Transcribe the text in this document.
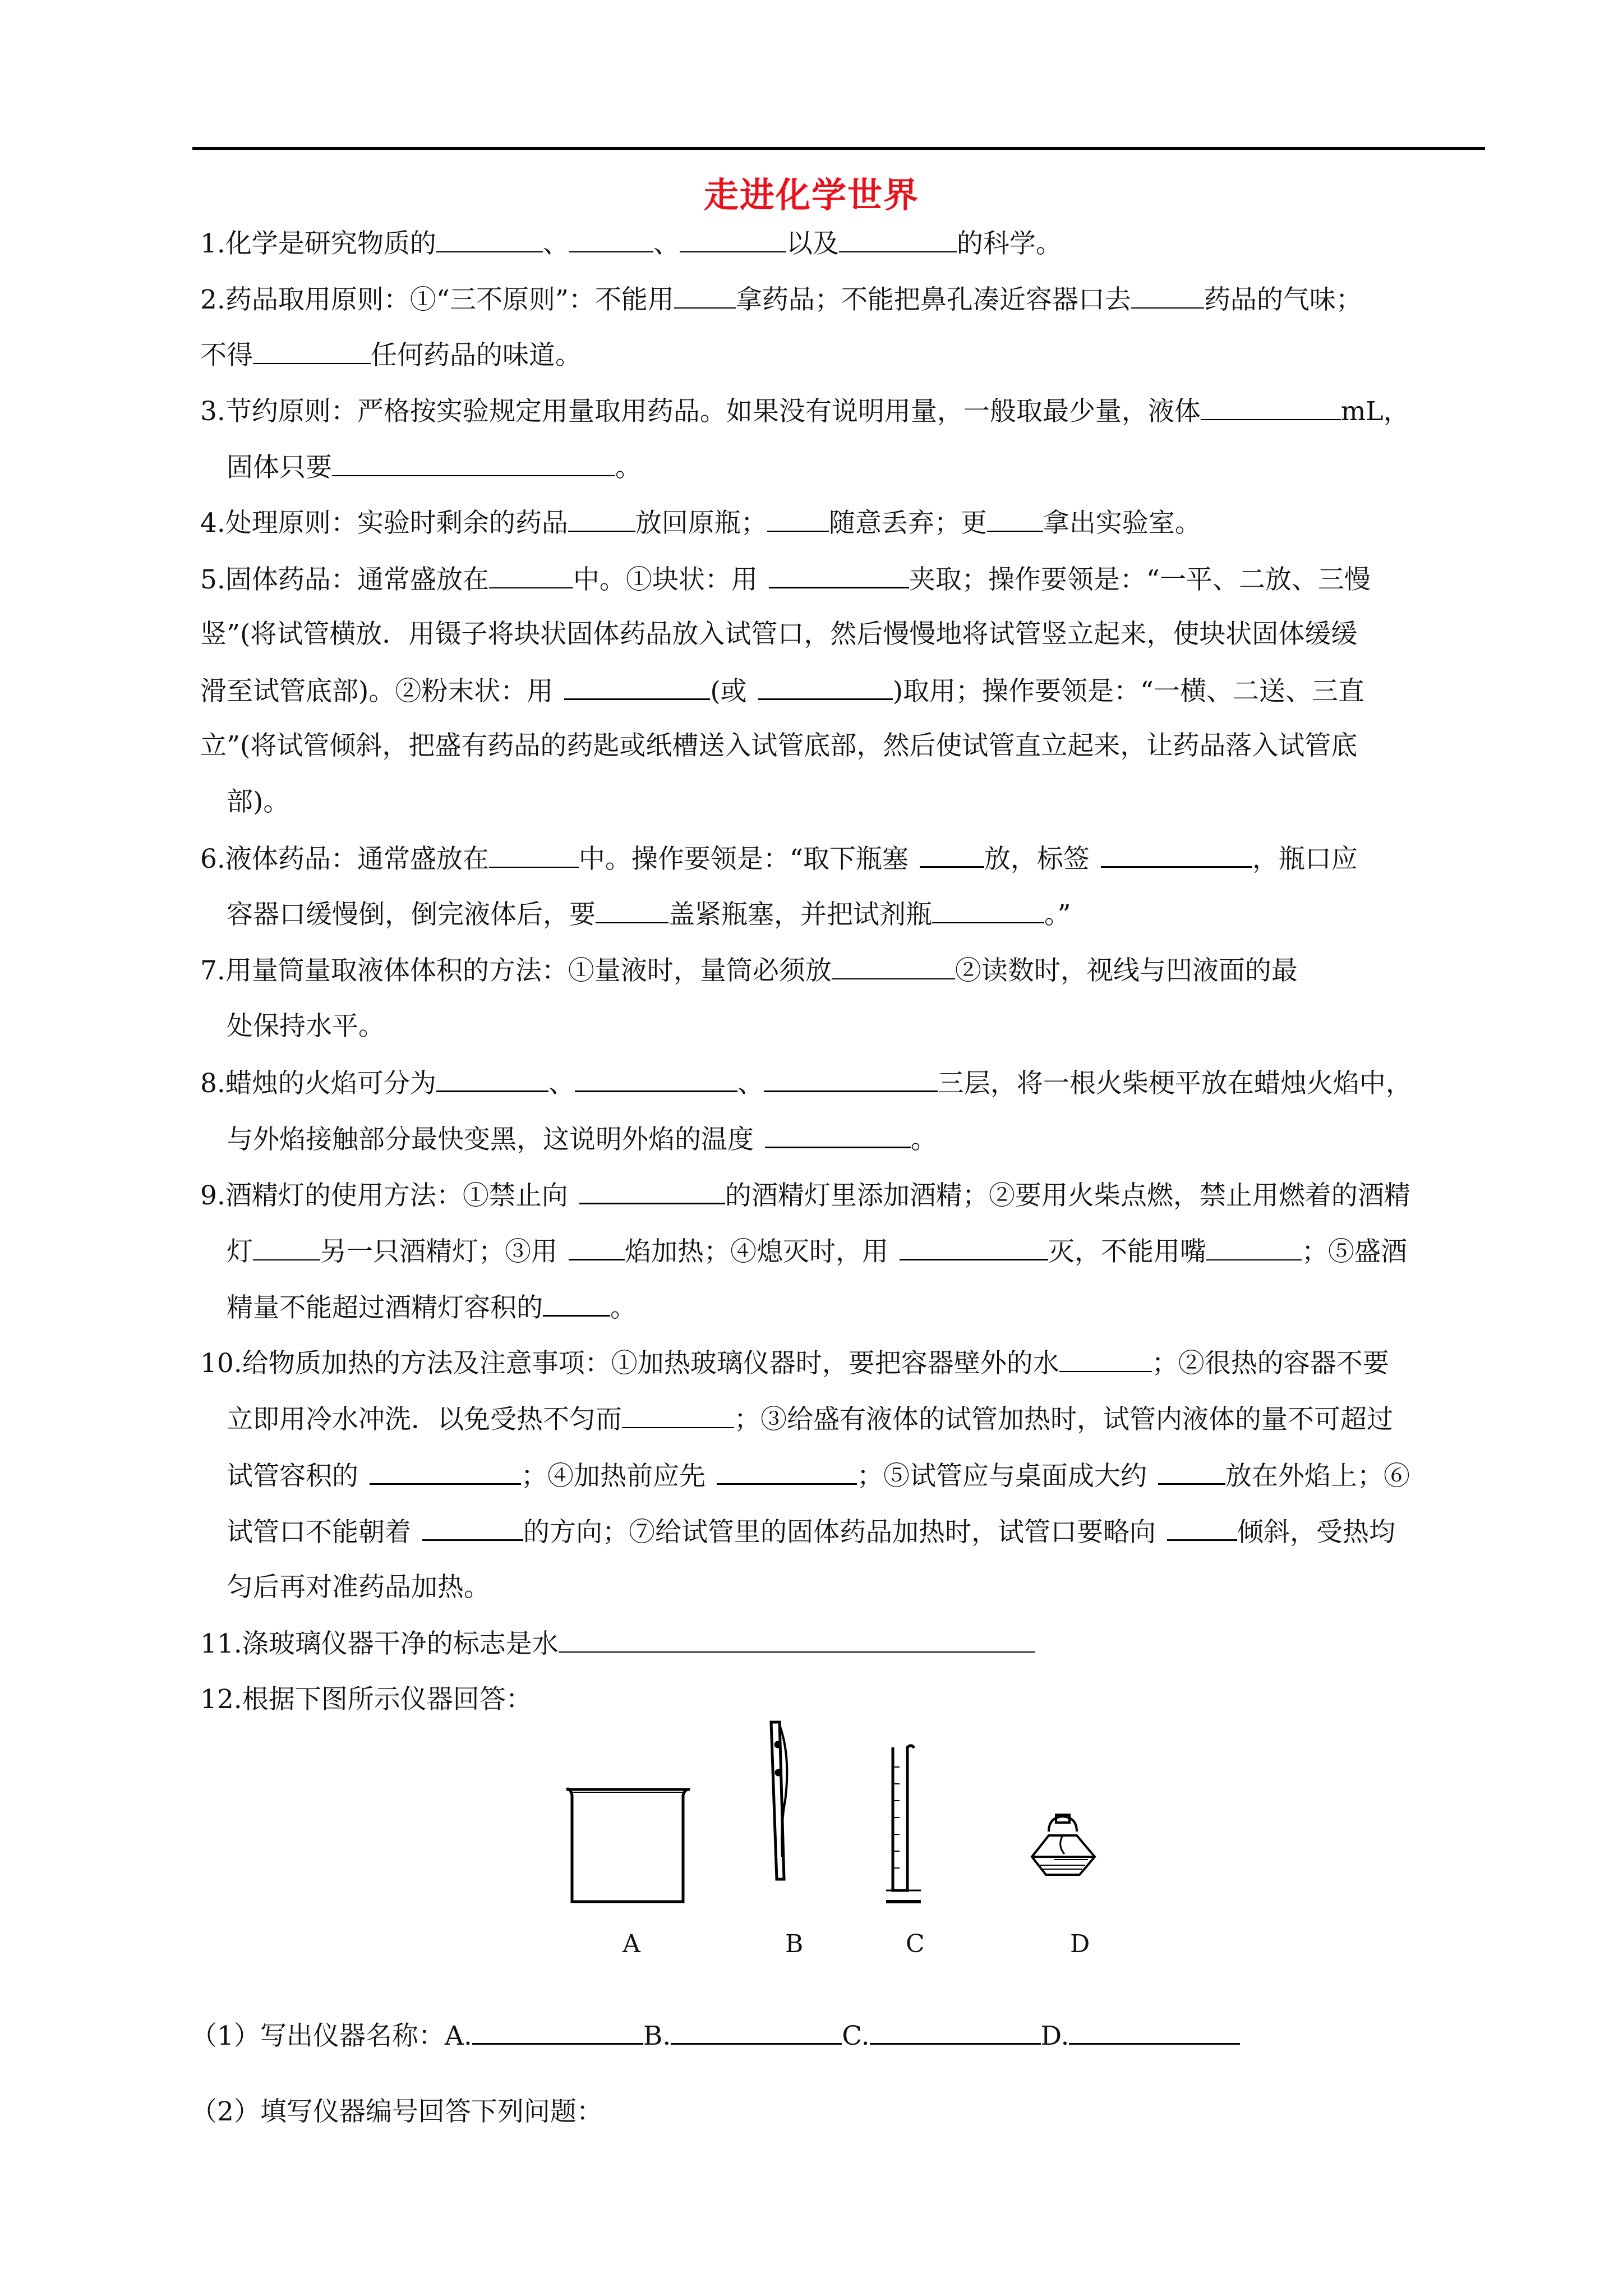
走进化学世界
1.化学是研究物质的	、	、	以及	的科学。
2.药品取用原则：①“三不原则”：不能用 拿药品；不能把鼻孔凑近容器口去	药品的气味；
不得	任何药品的味道。
3.节约原则：严格按实验规定用量取用药品。如果没有说明用量，一般取最少量，液体	mL，
固体只要	。
4.处理原则：实验时剩余的药品	放回原瓶； 随意丢弃；更 拿出实验室。
5.固体药品：通常盛放在	中。①块状：用	夹取；操作要领是：“一平、二放、三慢
竖”(将试管横放．用镊子将块状固体药品放入试管口，然后慢慢地将试管竖立起来，使块状固体缓缓
滑至试管底部)。②粉末状：用	(或	)取用；操作要领是：“一横、二送、三直
立”(将试管倾斜，把盛有药品的药匙或纸槽送入试管底部，然后使试管直立起来，让药品落入试管底
部)。
6.液体药品：通常盛放在	中。操作要领是：“取下瓶塞	放，标签	，瓶口应
容器口缓慢倒，倒完液体后，要	盖紧瓶塞，并把试剂瓶	。”
7.用量筒量取液体体积的方法：①量液时，量筒必须放	②读数时，视线与凹液面的最
处保持水平。
8.蜡烛的火焰可分为	、	、	三层，将一根火柴梗平放在蜡烛火焰中，
与外焰接触部分最快变黑，这说明外焰的温度	。
9.酒精灯的使用方法：①禁止向	的酒精灯里添加酒精；②要用火柴点燃，禁止用燃着的酒精
灯	另一只酒精灯；③用	焰加热；④熄灭时，用	灭，不能用嘴	；⑤盛酒
精量不能超过酒精灯容积的	。
10.给物质加热的方法及注意事项：①加热玻璃仪器时，要把容器壁外的水	；②很热的容器不要
立即用冷水冲洗．以免受热不匀而	；③给盛有液体的试管加热时，试管内液体的量不可超过
试管容积的	；④加热前应先	；⑤试管应与桌面成大约	放在外焰上；⑥
试管口不能朝着	的方向；⑦给试管里的固体药品加热时，试管口要略向	倾斜，受热均
匀后再对准药品加热。
11.涤玻璃仪器干净的标志是水
12.根据下图所示仪器回答：
A	B	C	D
（1）写出仪器名称：A.	B.	C.	D.
（2）填写仪器编号回答下列问题：
